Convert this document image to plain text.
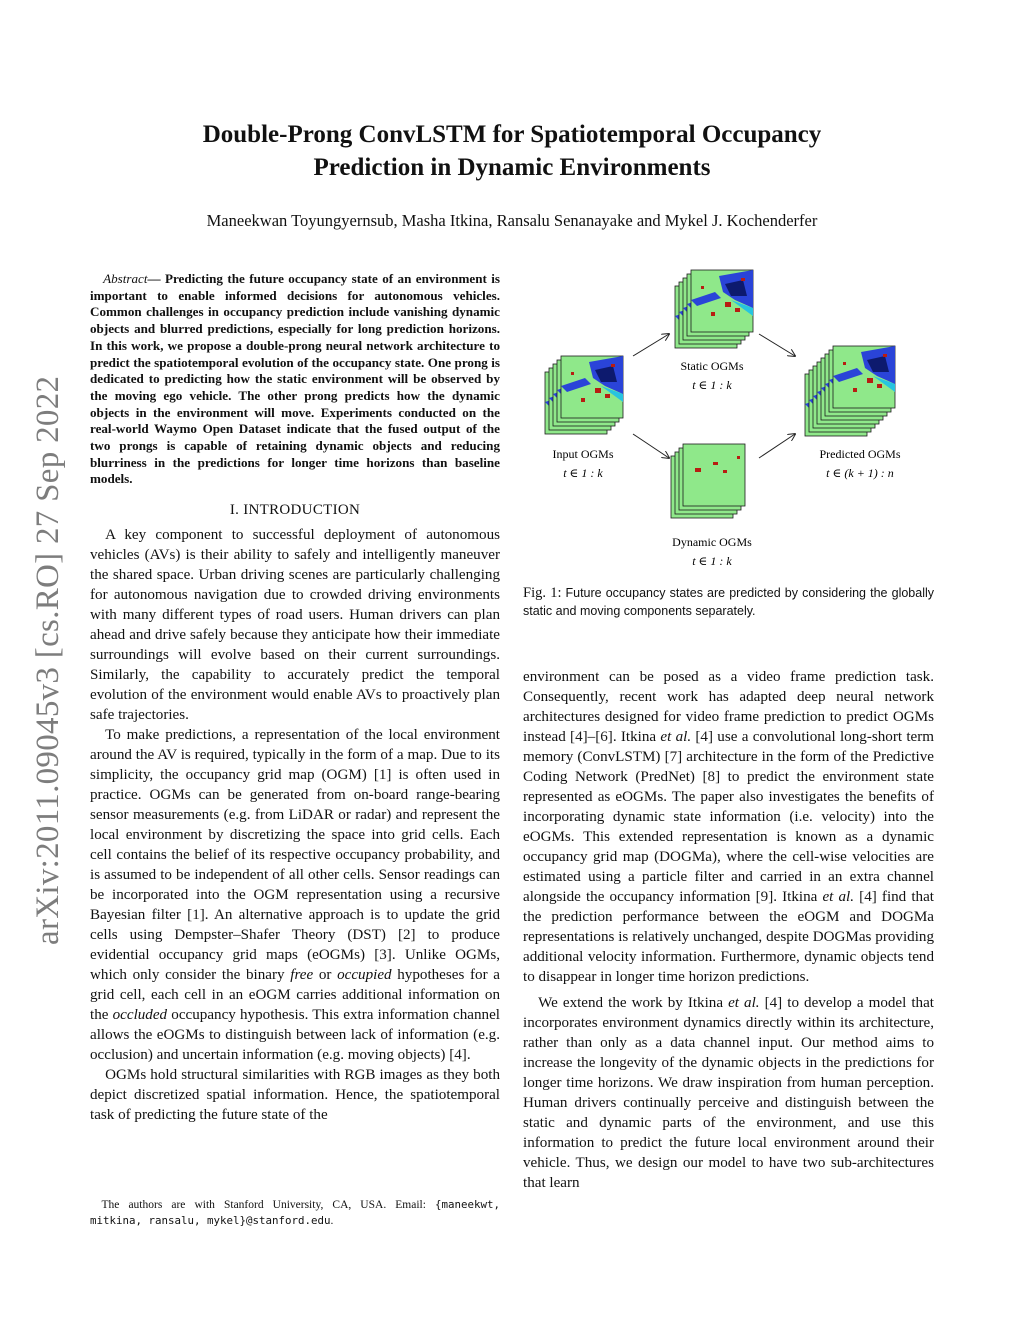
arXiv:2011.09045v3 [cs.RO] 27 Sep 2022
Double-Prong ConvLSTM for Spatiotemporal Occupancy
Prediction in Dynamic Environments
Maneekwan Toyungyernsub, Masha Itkina, Ransalu Senanayake and Mykel J. Kochenderfer

Abstract— Predicting the future occupancy state of an environment is important to enable informed decisions for autonomous vehicles. Common challenges in occupancy prediction include vanishing dynamic objects and blurred predictions, especially for long prediction horizons. In this work, we propose a double-prong neural network architecture to predict the spatiotemporal evolution of the occupancy state. One prong is dedicated to predicting how the static environment will be observed by the moving ego vehicle. The other prong predicts how the dynamic objects in the environment will move. Experiments conducted on the real-world Waymo Open Dataset indicate that the fused output of the two prongs is capable of retaining dynamic objects and reducing blurriness in the predictions for longer time horizons than baseline models.

I. INTRODUCTION

A key component to successful deployment of autonomous vehicles (AVs) is their ability to safely and intelligently maneuver the shared space. Urban driving scenes are particularly challenging for autonomous navigation due to crowded driving environments with many different types of road users. Human drivers can plan ahead and drive safely because they anticipate how their immediate surroundings will evolve based on their current surroundings. Similarly, the capability to accurately predict the temporal evolution of the environment would enable AVs to proactively plan safe trajectories.

To make predictions, a representation of the local environment around the AV is required, typically in the form of a map. Due to its simplicity, the occupancy grid map (OGM) [1] is often used in practice. OGMs can be generated from on-board range-bearing sensor measurements (e.g. from LiDAR or radar) and represent the local environment by discretizing the space into grid cells. Each cell contains the belief of its respective occupancy probability, and is assumed to be independent of all other cells. Sensor readings can be incorporated into the OGM representation using a recursive Bayesian filter [1]. An alternative approach is to update the grid cells using Dempster–Shafer Theory (DST) [2] to produce evidential occupancy grid maps (eOGMs) [3]. Unlike OGMs, which only consider the binary free or occupied hypotheses for a grid cell, each cell in an eOGM carries additional information on the occluded occupancy hypothesis. This extra information channel allows the eOGMs to distinguish between lack of information (e.g. occlusion) and uncertain information (e.g. moving objects) [4].

OGMs hold structural similarities with RGB images as they both depict discretized spatial information. Hence, the spatiotemporal task of predicting the future state of the

The authors are with Stanford University, CA, USA. Email: {maneekwt, mitkina, ransalu, mykel}@stanford.edu.
Static OGMs
t ∈ 1 : k
Input OGMs
t ∈ 1 : k
Predicted OGMs
t ∈ (k + 1) : n
Dynamic OGMs
t ∈ 1 : k
Fig. 1: Future occupancy states are predicted by considering the globally static and moving components separately.

environment can be posed as a video frame prediction task. Consequently, recent work has adapted deep neural network architectures designed for video frame prediction to predict OGMs instead [4]–[6]. Itkina et al. [4] use a convolutional long-short term memory (ConvLSTM) [7] architecture in the form of the Predictive Coding Network (PredNet) [8] to predict the environment state represented as eOGMs. The paper also investigates the benefits of incorporating dynamic state information (i.e. velocity) into the eOGMs. This extended representation is known as a dynamic occupancy grid map (DOGMa), where the cell-wise velocities are estimated using a particle filter and carried in an extra channel alongside the occupancy information [9]. Itkina et al. [4] find that the prediction performance between the eOGM and DOGMa representations is relatively unchanged, despite DOGMas providing additional velocity information. Furthermore, dynamic objects tend to disappear in longer time horizon predictions.

We extend the work by Itkina et al. [4] to develop a model that incorporates environment dynamics directly within its architecture, rather than only as a data channel input. Our method aims to increase the longevity of the dynamic objects in the predictions for longer time horizons. We draw inspiration from human perception. Human drivers continually perceive and distinguish between the static and dynamic parts of the environment, and use this information to predict the future local environment around their vehicle. Thus, we design our model to have two sub-architectures that learn
